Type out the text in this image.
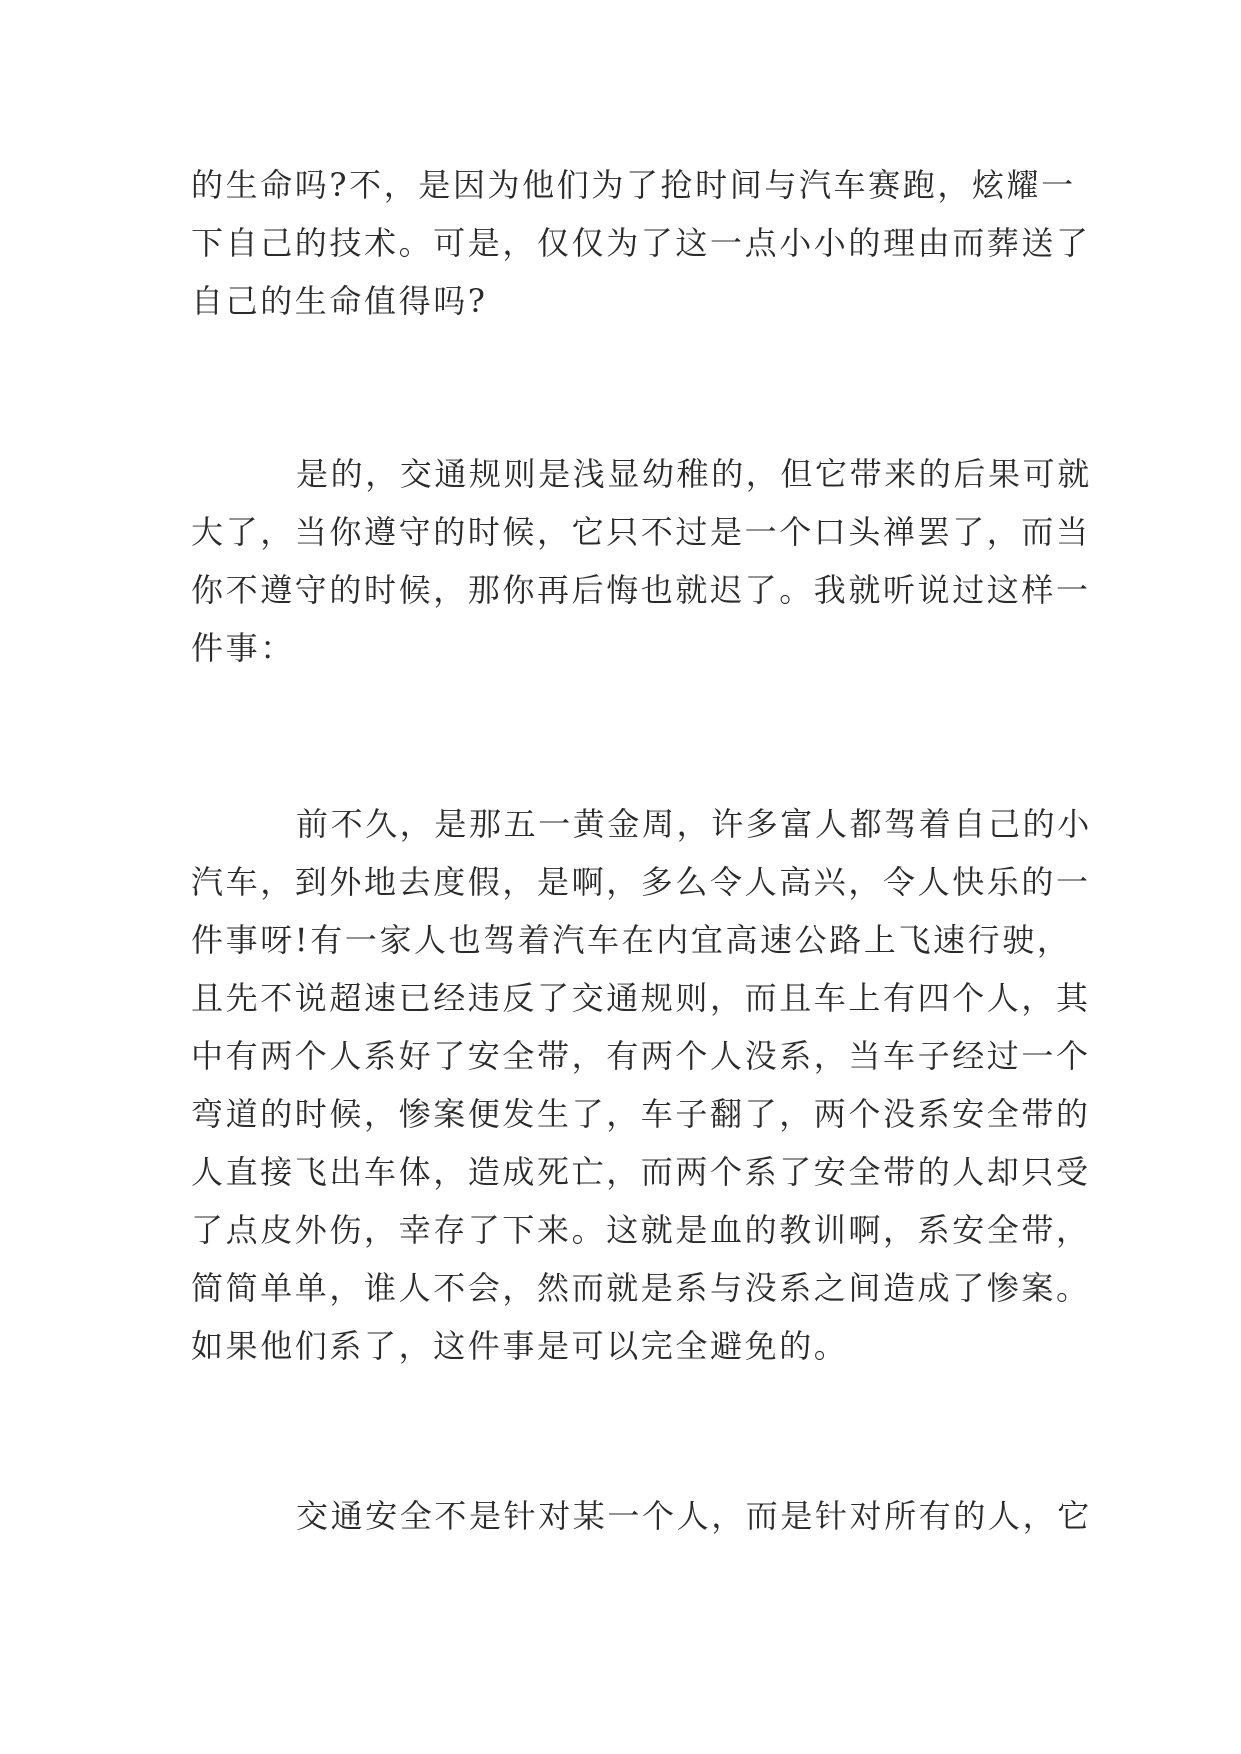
的生命吗?不，是因为他们为了抢时间与汽车赛跑，炫耀一
下自己的技术。可是，仅仅为了这一点小小的理由而葬送了
自己的生命值得吗?
是的，交通规则是浅显幼稚的，但它带来的后果可就
大了，当你遵守的时候，它只不过是一个口头禅罢了，而当
你不遵守的时候，那你再后悔也就迟了。我就听说过这样一
件事：
前不久，是那五一黄金周，许多富人都驾着自己的小
汽车，到外地去度假，是啊，多么令人高兴，令人快乐的一
件事呀!有一家人也驾着汽车在内宜高速公路上飞速行驶，
且先不说超速已经违反了交通规则，而且车上有四个人，其
中有两个人系好了安全带，有两个人没系，当车子经过一个
弯道的时候，惨案便发生了，车子翻了，两个没系安全带的
人直接飞出车体，造成死亡，而两个系了安全带的人却只受
了点皮外伤，幸存了下来。这就是血的教训啊，系安全带，
简简单单，谁人不会，然而就是系与没系之间造成了惨案。
如果他们系了，这件事是可以完全避免的。
交通安全不是针对某一个人，而是针对所有的人，它
